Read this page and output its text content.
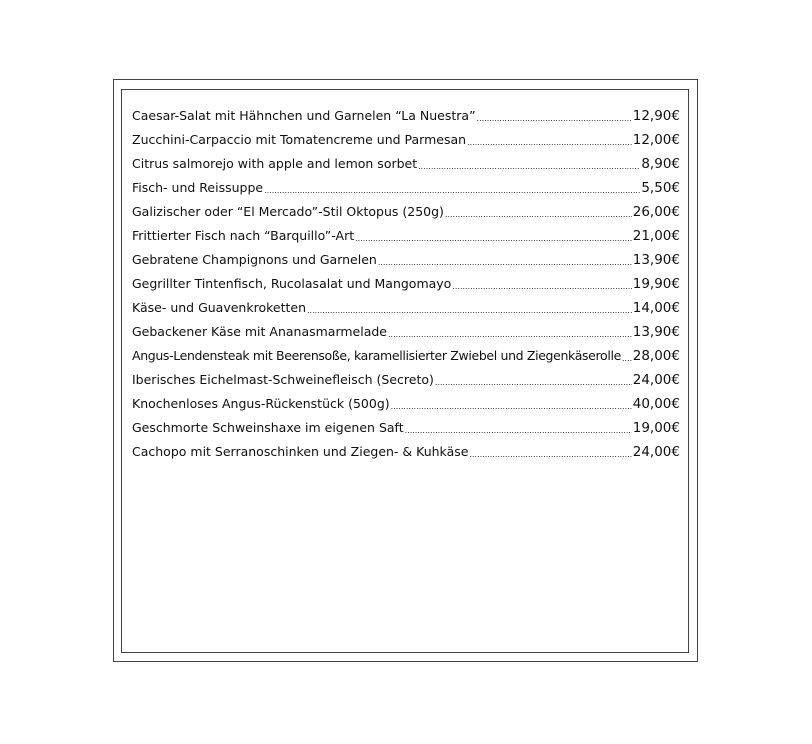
Caesar-Salat mit Hähnchen und Garnelen “La Nuestra” .....	12,90€
Zucchini-Carpaccio mit Tomatencreme und Parmesan .....	12,00€
Citrus salmorejo with apple and lemon sorbet .....	8,90€
Fisch- und Reissuppe .....	5,50€
Galizischer oder “El Mercado”-Stil Oktopus (250g) .....	26,00€
Frittierter Fisch nach “Barquillo”-Art .....	21,00€
Gebratene Champignons und Garnelen .....	13,90€
Gegrillter Tintenfisch, Rucolasalat und Mangomayo .....	19,90€
Käse- und Guavenkroketten .....	14,00€
Gebackener Käse mit Ananasmarmelade .....	13,90€
Angus-Lendensteak mit Beerensoße, karamellisierter Zwiebel und Ziegenkäserolle ..... 28,00€
Iberisches Eichelmast-Schweinefleisch (Secreto) .....	24,00€
Knochenloses Angus-Rückenstück (500g) .....	40,00€
Geschmorte Schweinshaxe im eigenen Saft .....	19,00€
Cachopo mit Serranoschinken und Ziegen- & Kuhkäse .....	24,00€
